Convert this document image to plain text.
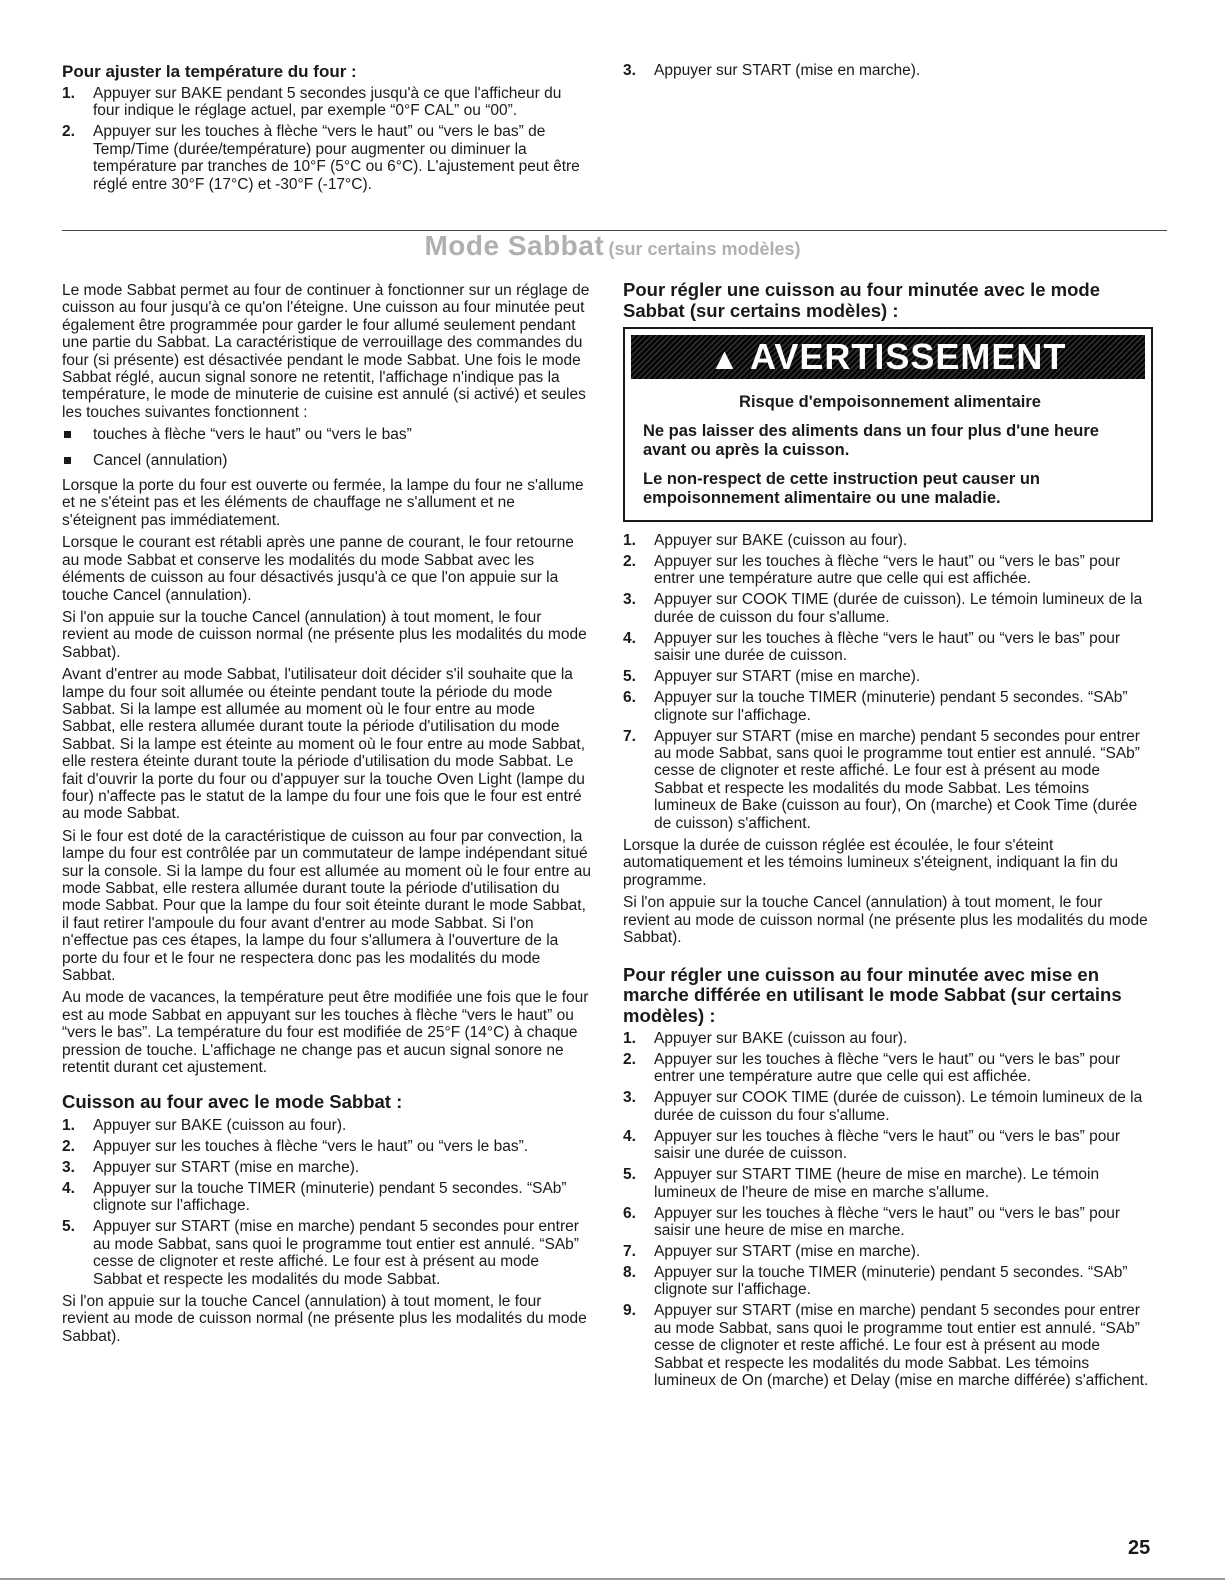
Pour ajuster la température du four :
1. Appuyer sur BAKE pendant 5 secondes jusqu'à ce que l'afficheur du four indique le réglage actuel, par exemple “0°F CAL” ou “00”.
2. Appuyer sur les touches à flèche “vers le haut” ou “vers le bas” de Temp/Time (durée/température) pour augmenter ou diminuer la température par tranches de 10°F (5°C ou 6°C). L'ajustement peut être réglé entre 30°F (17°C) et -30°F (-17°C).
3. Appuyer sur START (mise en marche).
Mode Sabbat (sur certains modèles)

Le mode Sabbat permet au four de continuer à fonctionner sur un réglage de cuisson au four jusqu'à ce qu'on l'éteigne. Une cuisson au four minutée peut également être programmée pour garder le four allumé seulement pendant une partie du Sabbat. La caractéristique de verrouillage des commandes du four (si présente) est désactivée pendant le mode Sabbat. Une fois le mode Sabbat réglé, aucun signal sonore ne retentit, l'affichage n'indique pas la température, le mode de minuterie de cuisine est annulé (si activé) et seules les touches suivantes fonctionnent :

touches à flèche “vers le haut” ou “vers le bas”
Cancel (annulation)

Lorsque la porte du four est ouverte ou fermée, la lampe du four ne s'allume et ne s'éteint pas et les éléments de chauffage ne s'allument et ne s'éteignent pas immédiatement.

Lorsque le courant est rétabli après une panne de courant, le four retourne au mode Sabbat et conserve les modalités du mode Sabbat avec les éléments de cuisson au four désactivés jusqu'à ce que l'on appuie sur la touche Cancel (annulation).

Si l'on appuie sur la touche Cancel (annulation) à tout moment, le four revient au mode de cuisson normal (ne présente plus les modalités du mode Sabbat).

Avant d'entrer au mode Sabbat, l'utilisateur doit décider s'il souhaite que la lampe du four soit allumée ou éteinte pendant toute la période du mode Sabbat. Si la lampe est allumée au moment où le four entre au mode Sabbat, elle restera allumée durant toute la période d'utilisation du mode Sabbat. Si la lampe est éteinte au moment où le four entre au mode Sabbat, elle restera éteinte durant toute la période d'utilisation du mode Sabbat. Le fait d'ouvrir la porte du four ou d'appuyer sur la touche Oven Light (lampe du four) n'affecte pas le statut de la lampe du four une fois que le four est entré au mode Sabbat.

Si le four est doté de la caractéristique de cuisson au four par convection, la lampe du four est contrôlée par un commutateur de lampe indépendant situé sur la console. Si la lampe du four est allumée au moment où le four entre au mode Sabbat, elle restera allumée durant toute la période d'utilisation du mode Sabbat. Pour que la lampe du four soit éteinte durant le mode Sabbat, il faut retirer l'ampoule du four avant d'entrer au mode Sabbat. Si l'on n'effectue pas ces étapes, la lampe du four s'allumera à l'ouverture de la porte du four et le four ne respectera donc pas les modalités du mode Sabbat.

Au mode de vacances, la température peut être modifiée une fois que le four est au mode Sabbat en appuyant sur les touches à flèche “vers le haut” ou “vers le bas”. La température du four est modifiée de 25°F (14°C) à chaque pression de touche. L'affichage ne change pas et aucun signal sonore ne retentit durant cet ajustement.

Cuisson au four avec le mode Sabbat :
1. Appuyer sur BAKE (cuisson au four).
2. Appuyer sur les touches à flèche “vers le haut” ou “vers le bas”.
3. Appuyer sur START (mise en marche).
4. Appuyer sur la touche TIMER (minuterie) pendant 5 secondes. “SAb” clignote sur l'affichage.
5. Appuyer sur START (mise en marche) pendant 5 secondes pour entrer au mode Sabbat, sans quoi le programme tout entier est annulé. “SAb” cesse de clignoter et reste affiché. Le four est à présent au mode Sabbat et respecte les modalités du mode Sabbat.

Si l'on appuie sur la touche Cancel (annulation) à tout moment, le four revient au mode de cuisson normal (ne présente plus les modalités du mode Sabbat).

Pour régler une cuisson au four minutée avec le mode Sabbat (sur certains modèles) :
▲ AVERTISSEMENT
Risque d'empoisonnement alimentaire
Ne pas laisser des aliments dans un four plus d'une heure avant ou après la cuisson.
Le non-respect de cette instruction peut causer un empoisonnement alimentaire ou une maladie.
1. Appuyer sur BAKE (cuisson au four).
2. Appuyer sur les touches à flèche “vers le haut” ou “vers le bas” pour entrer une température autre que celle qui est affichée.
3. Appuyer sur COOK TIME (durée de cuisson). Le témoin lumineux de la durée de cuisson du four s'allume.
4. Appuyer sur les touches à flèche “vers le haut” ou “vers le bas” pour saisir une durée de cuisson.
5. Appuyer sur START (mise en marche).
6. Appuyer sur la touche TIMER (minuterie) pendant 5 secondes. “SAb” clignote sur l'affichage.
7. Appuyer sur START (mise en marche) pendant 5 secondes pour entrer au mode Sabbat, sans quoi le programme tout entier est annulé. “SAb” cesse de clignoter et reste affiché. Le four est à présent au mode Sabbat et respecte les modalités du mode Sabbat. Les témoins lumineux de Bake (cuisson au four), On (marche) et Cook Time (durée de cuisson) s'affichent.

Lorsque la durée de cuisson réglée est écoulée, le four s'éteint automatiquement et les témoins lumineux s'éteignent, indiquant la fin du programme.

Si l'on appuie sur la touche Cancel (annulation) à tout moment, le four revient au mode de cuisson normal (ne présente plus les modalités du mode Sabbat).

Pour régler une cuisson au four minutée avec mise en marche différée en utilisant le mode Sabbat (sur certains modèles) :
1. Appuyer sur BAKE (cuisson au four).
2. Appuyer sur les touches à flèche “vers le haut” ou “vers le bas” pour entrer une température autre que celle qui est affichée.
3. Appuyer sur COOK TIME (durée de cuisson). Le témoin lumineux de la durée de cuisson du four s'allume.
4. Appuyer sur les touches à flèche “vers le haut” ou “vers le bas” pour saisir une durée de cuisson.
5. Appuyer sur START TIME (heure de mise en marche). Le témoin lumineux de l'heure de mise en marche s'allume.
6. Appuyer sur les touches à flèche “vers le haut” ou “vers le bas” pour saisir une heure de mise en marche.
7. Appuyer sur START (mise en marche).
8. Appuyer sur la touche TIMER (minuterie) pendant 5 secondes. “SAb” clignote sur l'affichage.
9. Appuyer sur START (mise en marche) pendant 5 secondes pour entrer au mode Sabbat, sans quoi le programme tout entier est annulé. “SAb” cesse de clignoter et reste affiché. Le four est à présent au mode Sabbat et respecte les modalités du mode Sabbat. Les témoins lumineux de On (marche) et Delay (mise en marche différée) s'affichent.
25
